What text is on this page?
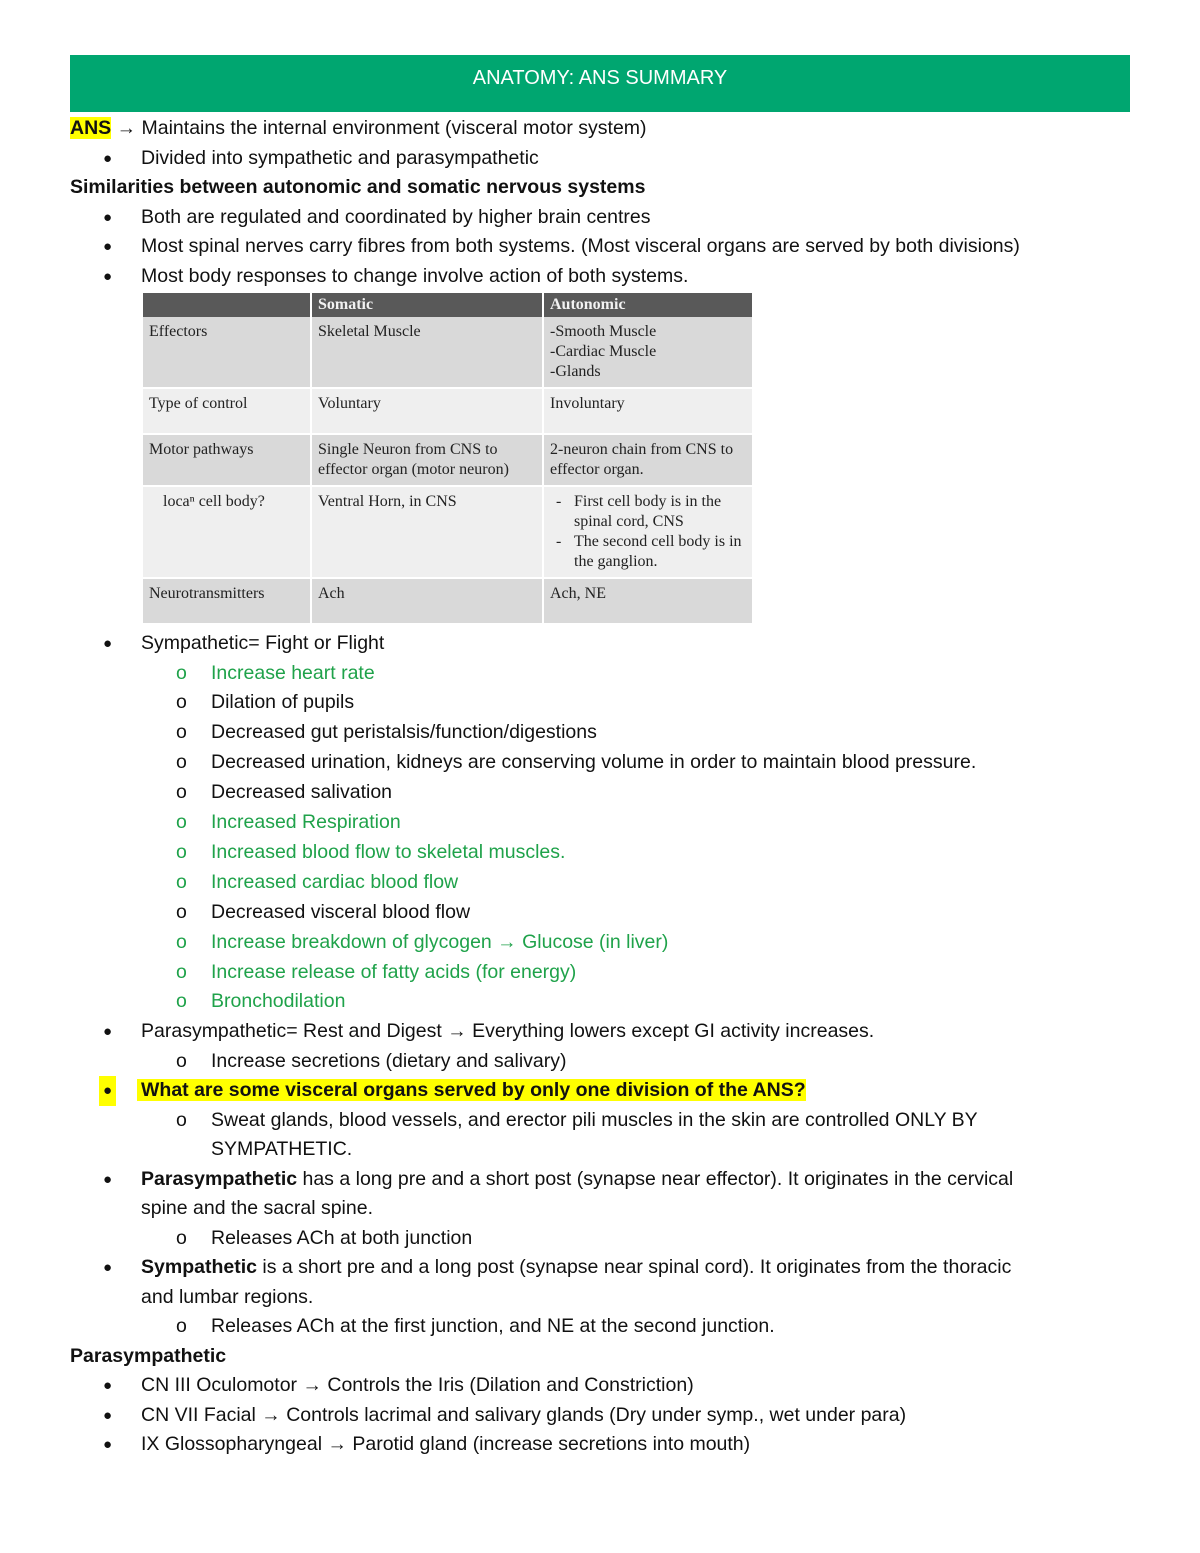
ANATOMY: ANS SUMMARY
ANS → Maintains the internal environment (visceral motor system)
● Divided into sympathetic and parasympathetic
Similarities between autonomic and somatic nervous systems
● Both are regulated and coordinated by higher brain centres
● Most spinal nerves carry fibres from both systems. (Most visceral organs are served by both divisions)
● Most body responses to change involve action of both systems.
	Somatic	Autonomic
Effectors	Skeletal Muscle	-Smooth Muscle
-Cardiac Muscle
-Glands

Type of control	Voluntary	Involuntary

Motor pathways	Single Neuron from CNS to effector organ (motor neuron)	2-neuron chain from CNS to effector organ.

locaⁿ cell body?	Ventral Horn, in CNS	- First cell body is in the spinal cord, CNS
- The second cell body is in the ganglion.

Neurotransmitters	Ach	Ach, NE
● Sympathetic= Fight or Flight
o Increase heart rate
o Dilation of pupils
o Decreased gut peristalsis/function/digestions
o Decreased urination, kidneys are conserving volume in order to maintain blood pressure.
o Decreased salivation
o Increased Respiration
o Increased blood flow to skeletal muscles.
o Increased cardiac blood flow
o Decreased visceral blood flow
o Increase breakdown of glycogen → Glucose (in liver)
o Increase release of fatty acids (for energy)
o Bronchodilation
● Parasympathetic= Rest and Digest → Everything lowers except GI activity increases.
o Increase secretions (dietary and salivary)
● What are some visceral organs served by only one division of the ANS?
o Sweat glands, blood vessels, and erector pili muscles in the skin are controlled ONLY BY
SYMPATHETIC.
● Parasympathetic has a long pre and a short post (synapse near effector). It originates in the cervical
spine and the sacral spine.
o Releases ACh at both junction
● Sympathetic is a short pre and a long post (synapse near spinal cord). It originates from the thoracic
and lumbar regions.
o Releases ACh at the first junction, and NE at the second junction.
Parasympathetic
● CN III Oculomotor → Controls the Iris (Dilation and Constriction)
● CN VII Facial → Controls lacrimal and salivary glands (Dry under symp., wet under para)
● IX Glossopharyngeal → Parotid gland (increase secretions into mouth)
